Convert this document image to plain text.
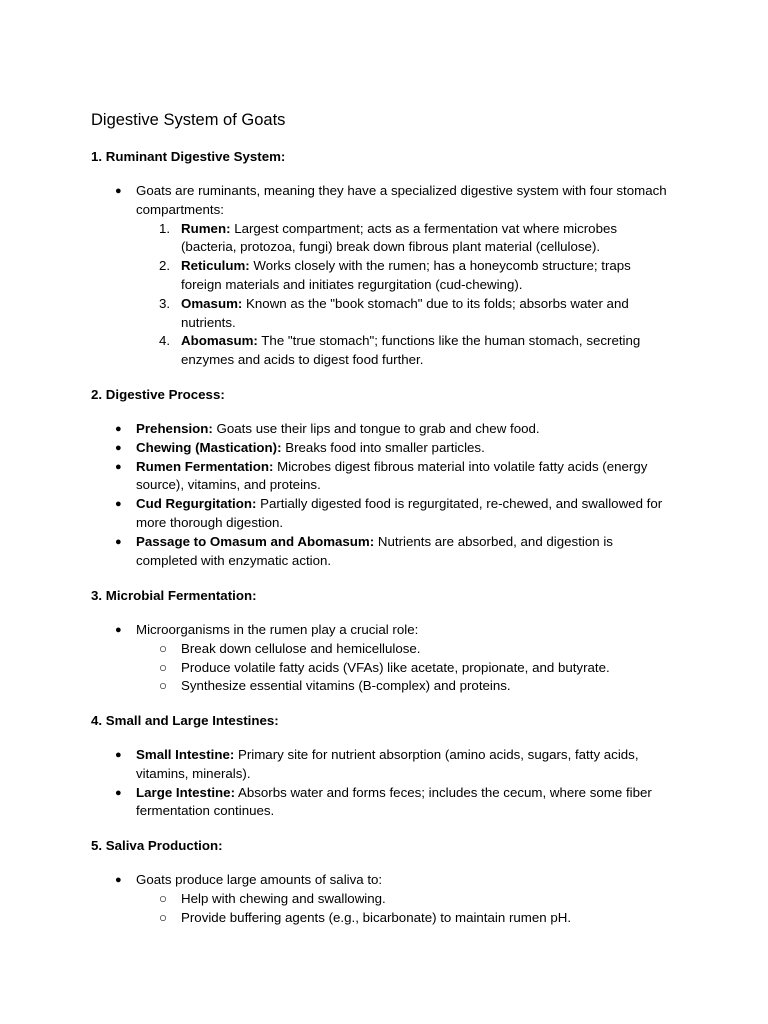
Digestive System of Goats

1. Ruminant Digestive System:

● Goats are ruminants, meaning they have a specialized digestive system with four stomach compartments:
1. Rumen: Largest compartment; acts as a fermentation vat where microbes (bacteria, protozoa, fungi) break down fibrous plant material (cellulose).
2. Reticulum: Works closely with the rumen; has a honeycomb structure; traps foreign materials and initiates regurgitation (cud-chewing).
3. Omasum: Known as the "book stomach" due to its folds; absorbs water and nutrients.
4. Abomasum: The "true stomach"; functions like the human stomach, secreting enzymes and acids to digest food further.

2. Digestive Process:

● Prehension: Goats use their lips and tongue to grab and chew food.
● Chewing (Mastication): Breaks food into smaller particles.
● Rumen Fermentation: Microbes digest fibrous material into volatile fatty acids (energy source), vitamins, and proteins.
● Cud Regurgitation: Partially digested food is regurgitated, re-chewed, and swallowed for more thorough digestion.
● Passage to Omasum and Abomasum: Nutrients are absorbed, and digestion is completed with enzymatic action.

3. Microbial Fermentation:

● Microorganisms in the rumen play a crucial role:
○ Break down cellulose and hemicellulose.
○ Produce volatile fatty acids (VFAs) like acetate, propionate, and butyrate.
○ Synthesize essential vitamins (B-complex) and proteins.

4. Small and Large Intestines:

● Small Intestine: Primary site for nutrient absorption (amino acids, sugars, fatty acids, vitamins, minerals).
● Large Intestine: Absorbs water and forms feces; includes the cecum, where some fiber fermentation continues.

5. Saliva Production:

● Goats produce large amounts of saliva to:
○ Help with chewing and swallowing.
○ Provide buffering agents (e.g., bicarbonate) to maintain rumen pH.
